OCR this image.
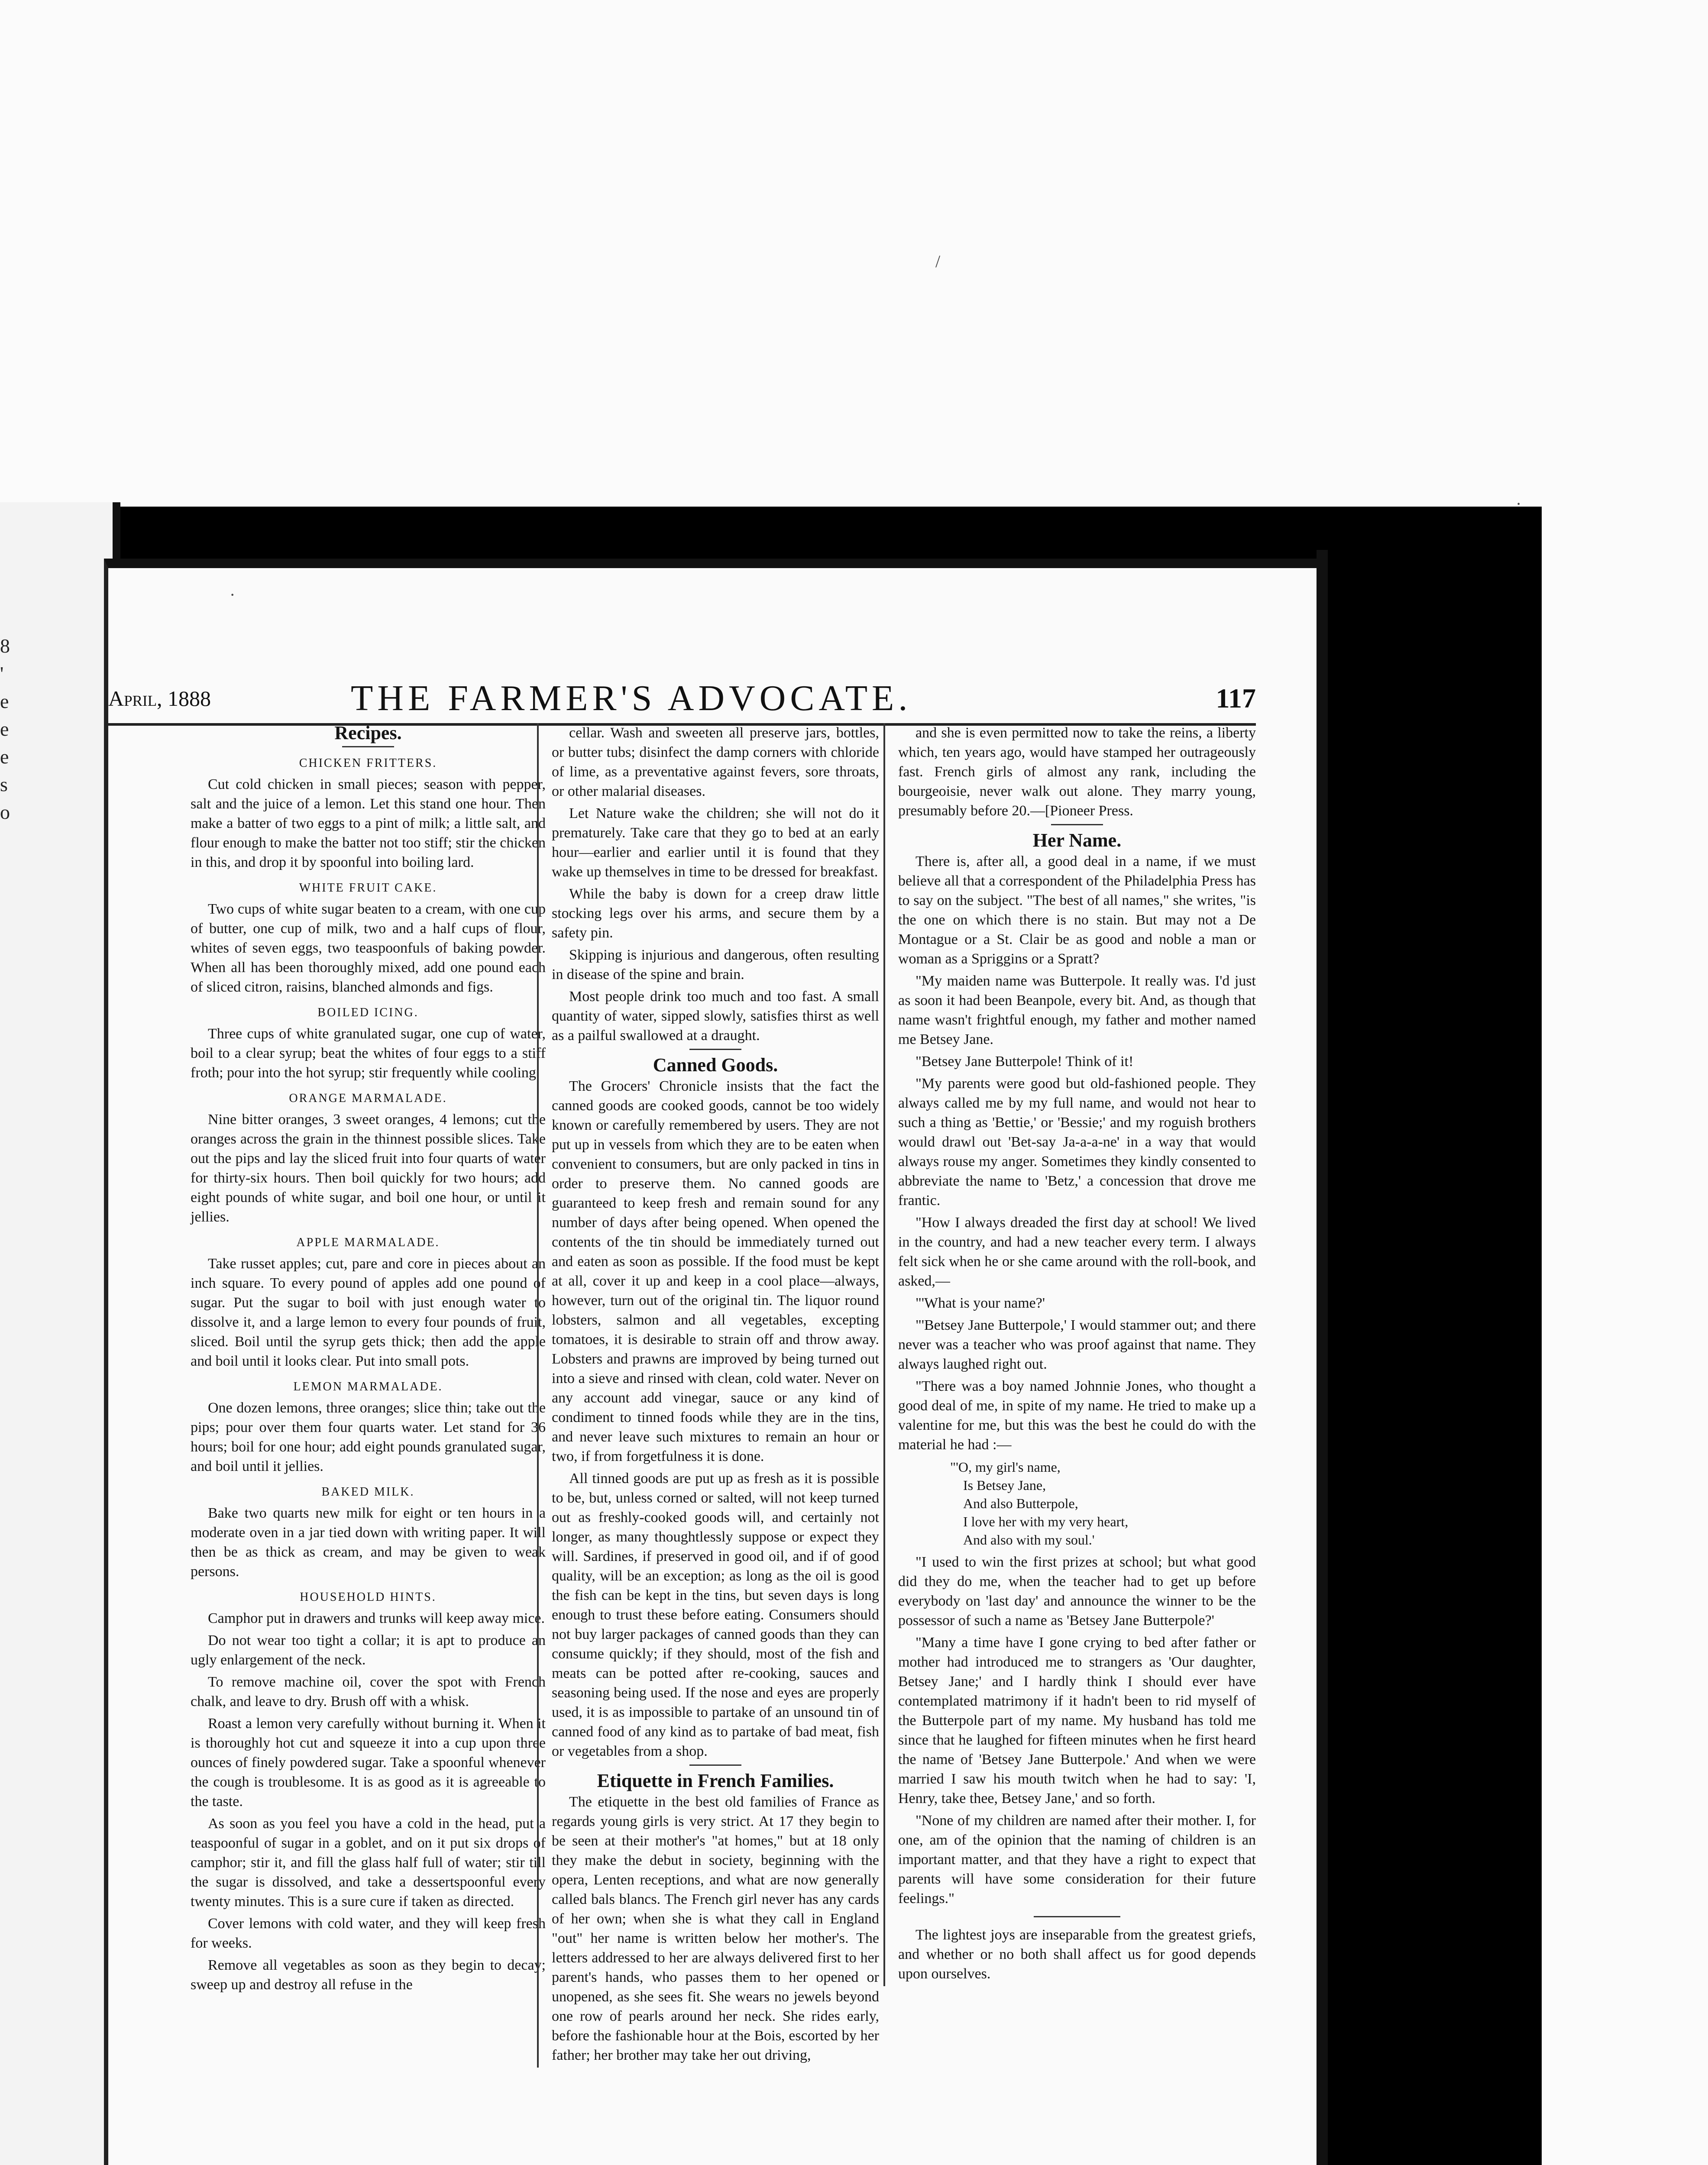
8
'
e
e
e
s
o
/
·
·
April, 1888	THE FARMER'S ADVOCATE.	117
Recipes.
CHICKEN FRITTERS.

Cut cold chicken in small pieces; season with pepper, salt and the juice of a lemon. Let this stand one hour. Then make a batter of two eggs to a pint of milk; a little salt, and flour enough to make the batter not too stiff; stir the chicken in this, and drop it by spoonful into boiling lard.

WHITE FRUIT CAKE.

Two cups of white sugar beaten to a cream, with one cup of butter, one cup of milk, two and a half cups of flour, whites of seven eggs, two teaspoonfuls of baking powder. When all has been thoroughly mixed, add one pound each of sliced citron, raisins, blanched almonds and figs.

BOILED ICING.

Three cups of white granulated sugar, one cup of water, boil to a clear syrup; beat the whites of four eggs to a stiff froth; pour into the hot syrup; stir frequently while cooling.

ORANGE MARMALADE.

Nine bitter oranges, 3 sweet oranges, 4 lemons; cut the oranges across the grain in the thinnest possible slices. Take out the pips and lay the sliced fruit into four quarts of water for thirty-six hours. Then boil quickly for two hours; add eight pounds of white sugar, and boil one hour, or until it jellies.

APPLE MARMALADE.

Take russet apples; cut, pare and core in pieces about an inch square. To every pound of apples add one pound of sugar. Put the sugar to boil with just enough water to dissolve it, and a large lemon to every four pounds of fruit, sliced. Boil until the syrup gets thick; then add the apple and boil until it looks clear. Put into small pots.

LEMON MARMALADE.

One dozen lemons, three oranges; slice thin; take out the pips; pour over them four quarts water. Let stand for 36 hours; boil for one hour; add eight pounds granulated sugar, and boil until it jellies.

BAKED MILK.

Bake two quarts new milk for eight or ten hours in a moderate oven in a jar tied down with writing paper. It will then be as thick as cream, and may be given to weak persons.

HOUSEHOLD HINTS.

Camphor put in drawers and trunks will keep away mice.

Do not wear too tight a collar; it is apt to produce an ugly enlargement of the neck.

To remove machine oil, cover the spot with French chalk, and leave to dry. Brush off with a whisk.

Roast a lemon very carefully without burning it. When it is thoroughly hot cut and squeeze it into a cup upon three ounces of finely powdered sugar. Take a spoonful whenever the cough is troublesome. It is as good as it is agreeable to the taste.

As soon as you feel you have a cold in the head, put a teaspoonful of sugar in a goblet, and on it put six drops of camphor; stir it, and fill the glass half full of water; stir till the sugar is dissolved, and take a dessertspoonful every twenty minutes. This is a sure cure if taken as directed.

Cover lemons with cold water, and they will keep fresh for weeks.

Remove all vegetables as soon as they begin to decay; sweep up and destroy all refuse in the

cellar. Wash and sweeten all preserve jars, bottles, or butter tubs; disinfect the damp corners with chloride of lime, as a preventative against fevers, sore throats, or other malarial diseases.

Let Nature wake the children; she will not do it prematurely. Take care that they go to bed at an early hour—earlier and earlier until it is found that they wake up themselves in time to be dressed for breakfast.

While the baby is down for a creep draw little stocking legs over his arms, and secure them by a safety pin.

Skipping is injurious and dangerous, often resulting in disease of the spine and brain.

Most people drink too much and too fast. A small quantity of water, sipped slowly, satisfies thirst as well as a pailful swallowed at a draught.

Canned Goods.

The Grocers' Chronicle insists that the fact the canned goods are cooked goods, cannot be too widely known or carefully remembered by users. They are not put up in vessels from which they are to be eaten when convenient to consumers, but are only packed in tins in order to preserve them. No canned goods are guaranteed to keep fresh and remain sound for any number of days after being opened. When opened the contents of the tin should be immediately turned out and eaten as soon as possible. If the food must be kept at all, cover it up and keep in a cool place—always, however, turn out of the original tin. The liquor round lobsters, salmon and all vegetables, excepting tomatoes, it is desirable to strain off and throw away. Lobsters and prawns are improved by being turned out into a sieve and rinsed with clean, cold water. Never on any account add vinegar, sauce or any kind of condiment to tinned foods while they are in the tins, and never leave such mixtures to remain an hour or two, if from forgetfulness it is done.

All tinned goods are put up as fresh as it is possible to be, but, unless corned or salted, will not keep turned out as freshly-cooked goods will, and certainly not longer, as many thoughtlessly suppose or expect they will. Sardines, if preserved in good oil, and if of good quality, will be an exception; as long as the oil is good the fish can be kept in the tins, but seven days is long enough to trust these before eating. Consumers should not buy larger packages of canned goods than they can consume quickly; if they should, most of the fish and meats can be potted after re-cooking, sauces and seasoning being used. If the nose and eyes are properly used, it is as impossible to partake of an unsound tin of canned food of any kind as to partake of bad meat, fish or vegetables from a shop.

Etiquette in French Families.

The etiquette in the best old families of France as regards young girls is very strict. At 17 they begin to be seen at their mother's "at homes," but at 18 only they make the debut in society, beginning with the opera, Lenten receptions, and what are now generally called bals blancs. The French girl never has any cards of her own; when she is what they call in England "out" her name is written below her mother's. The letters addressed to her are always delivered first to her parent's hands, who passes them to her opened or unopened, as she sees fit. She wears no jewels beyond one row of pearls around her neck. She rides early, before the fashionable hour at the Bois, escorted by her father; her brother may take her out driving,

and she is even permitted now to take the reins, a liberty which, ten years ago, would have stamped her outrageously fast. French girls of almost any rank, including the bourgeoisie, never walk out alone. They marry young, presumably before 20.—[Pioneer Press.

Her Name.

There is, after all, a good deal in a name, if we must believe all that a correspondent of the Philadelphia Press has to say on the subject. "The best of all names," she writes, "is the one on which there is no stain. But may not a De Montague or a St. Clair be as good and noble a man or woman as a Spriggins or a Spratt?

"My maiden name was Butterpole. It really was. I'd just as soon it had been Beanpole, every bit. And, as though that name wasn't frightful enough, my father and mother named me Betsey Jane.

"Betsey Jane Butterpole! Think of it!

"My parents were good but old-fashioned people. They always called me by my full name, and would not hear to such a thing as 'Bettie,' or 'Bessie;' and my roguish brothers would drawl out 'Bet-say Ja-a-a-ne' in a way that would always rouse my anger. Sometimes they kindly consented to abbreviate the name to 'Betz,' a concession that drove me frantic.

"How I always dreaded the first day at school! We lived in the country, and had a new teacher every term. I always felt sick when he or she came around with the roll-book, and asked,—

"'What is your name?'

"'Betsey Jane Butterpole,' I would stammer out; and there never was a teacher who was proof against that name. They always laughed right out.

"There was a boy named Johnnie Jones, who thought a good deal of me, in spite of my name. He tried to make up a valentine for me, but this was the best he could do with the material he had :—

"'O, my girl's name,
Is Betsey Jane,
And also Butterpole,
I love her with my very heart,
And also with my soul.'

"I used to win the first prizes at school; but what good did they do me, when the teacher had to get up before everybody on 'last day' and announce the winner to be the possessor of such a name as 'Betsey Jane Butterpole?'

"Many a time have I gone crying to bed after father or mother had introduced me to strangers as 'Our daughter, Betsey Jane;' and I hardly think I should ever have contemplated matrimony if it hadn't been to rid myself of the Butterpole part of my name. My husband has told me since that he laughed for fifteen minutes when he first heard the name of 'Betsey Jane Butterpole.' And when we were married I saw his mouth twitch when he had to say: 'I, Henry, take thee, Betsey Jane,' and so forth.

"None of my children are named after their mother. I, for one, am of the opinion that the naming of children is an important matter, and that they have a right to expect that parents will have some consideration for their future feelings."

The lightest joys are inseparable from the greatest griefs, and whether or no both shall affect us for good depends upon ourselves.
